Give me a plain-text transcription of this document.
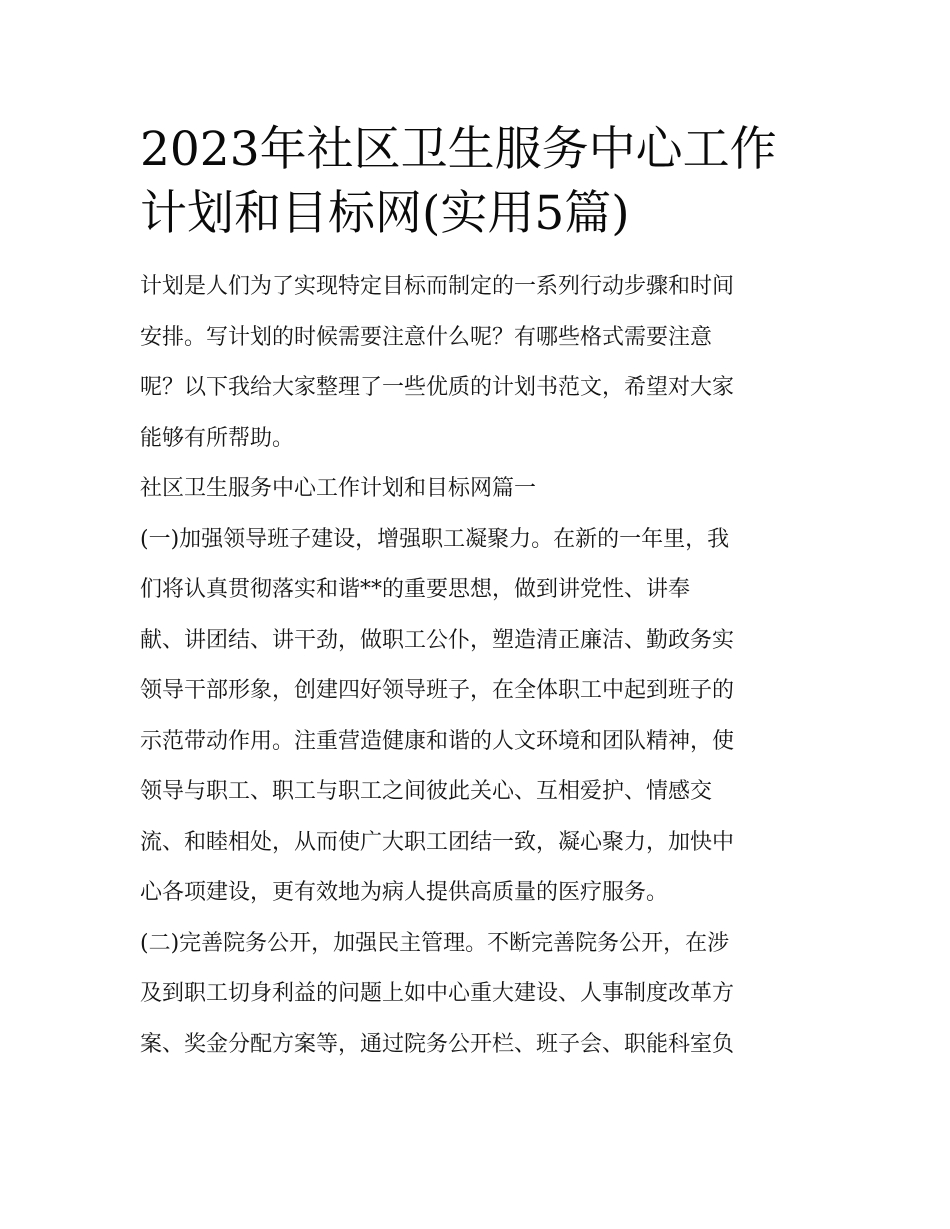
2023年社区卫生服务中心工作
计划和目标网(实用5篇)
计划是人们为了实现特定目标而制定的一系列行动步骤和时间
安排。写计划的时候需要注意什么呢？有哪些格式需要注意
呢？以下我给大家整理了一些优质的计划书范文，希望对大家
能够有所帮助。
社区卫生服务中心工作计划和目标网篇一
(一)加强领导班子建设，增强职工凝聚力。在新的一年里，我
们将认真贯彻落实和谐**的重要思想，做到讲党性、讲奉
献、讲团结、讲干劲，做职工公仆，塑造清正廉洁、勤政务实
领导干部形象，创建四好领导班子，在全体职工中起到班子的
示范带动作用。注重营造健康和谐的人文环境和团队精神，使
领导与职工、职工与职工之间彼此关心、互相爱护、情感交
流、和睦相处，从而使广大职工团结一致，凝心聚力，加快中
心各项建设，更有效地为病人提供高质量的医疗服务。
(二)完善院务公开，加强民主管理。不断完善院务公开，在涉
及到职工切身利益的问题上如中心重大建设、人事制度改革方
案、奖金分配方案等，通过院务公开栏、班子会、职能科室负
